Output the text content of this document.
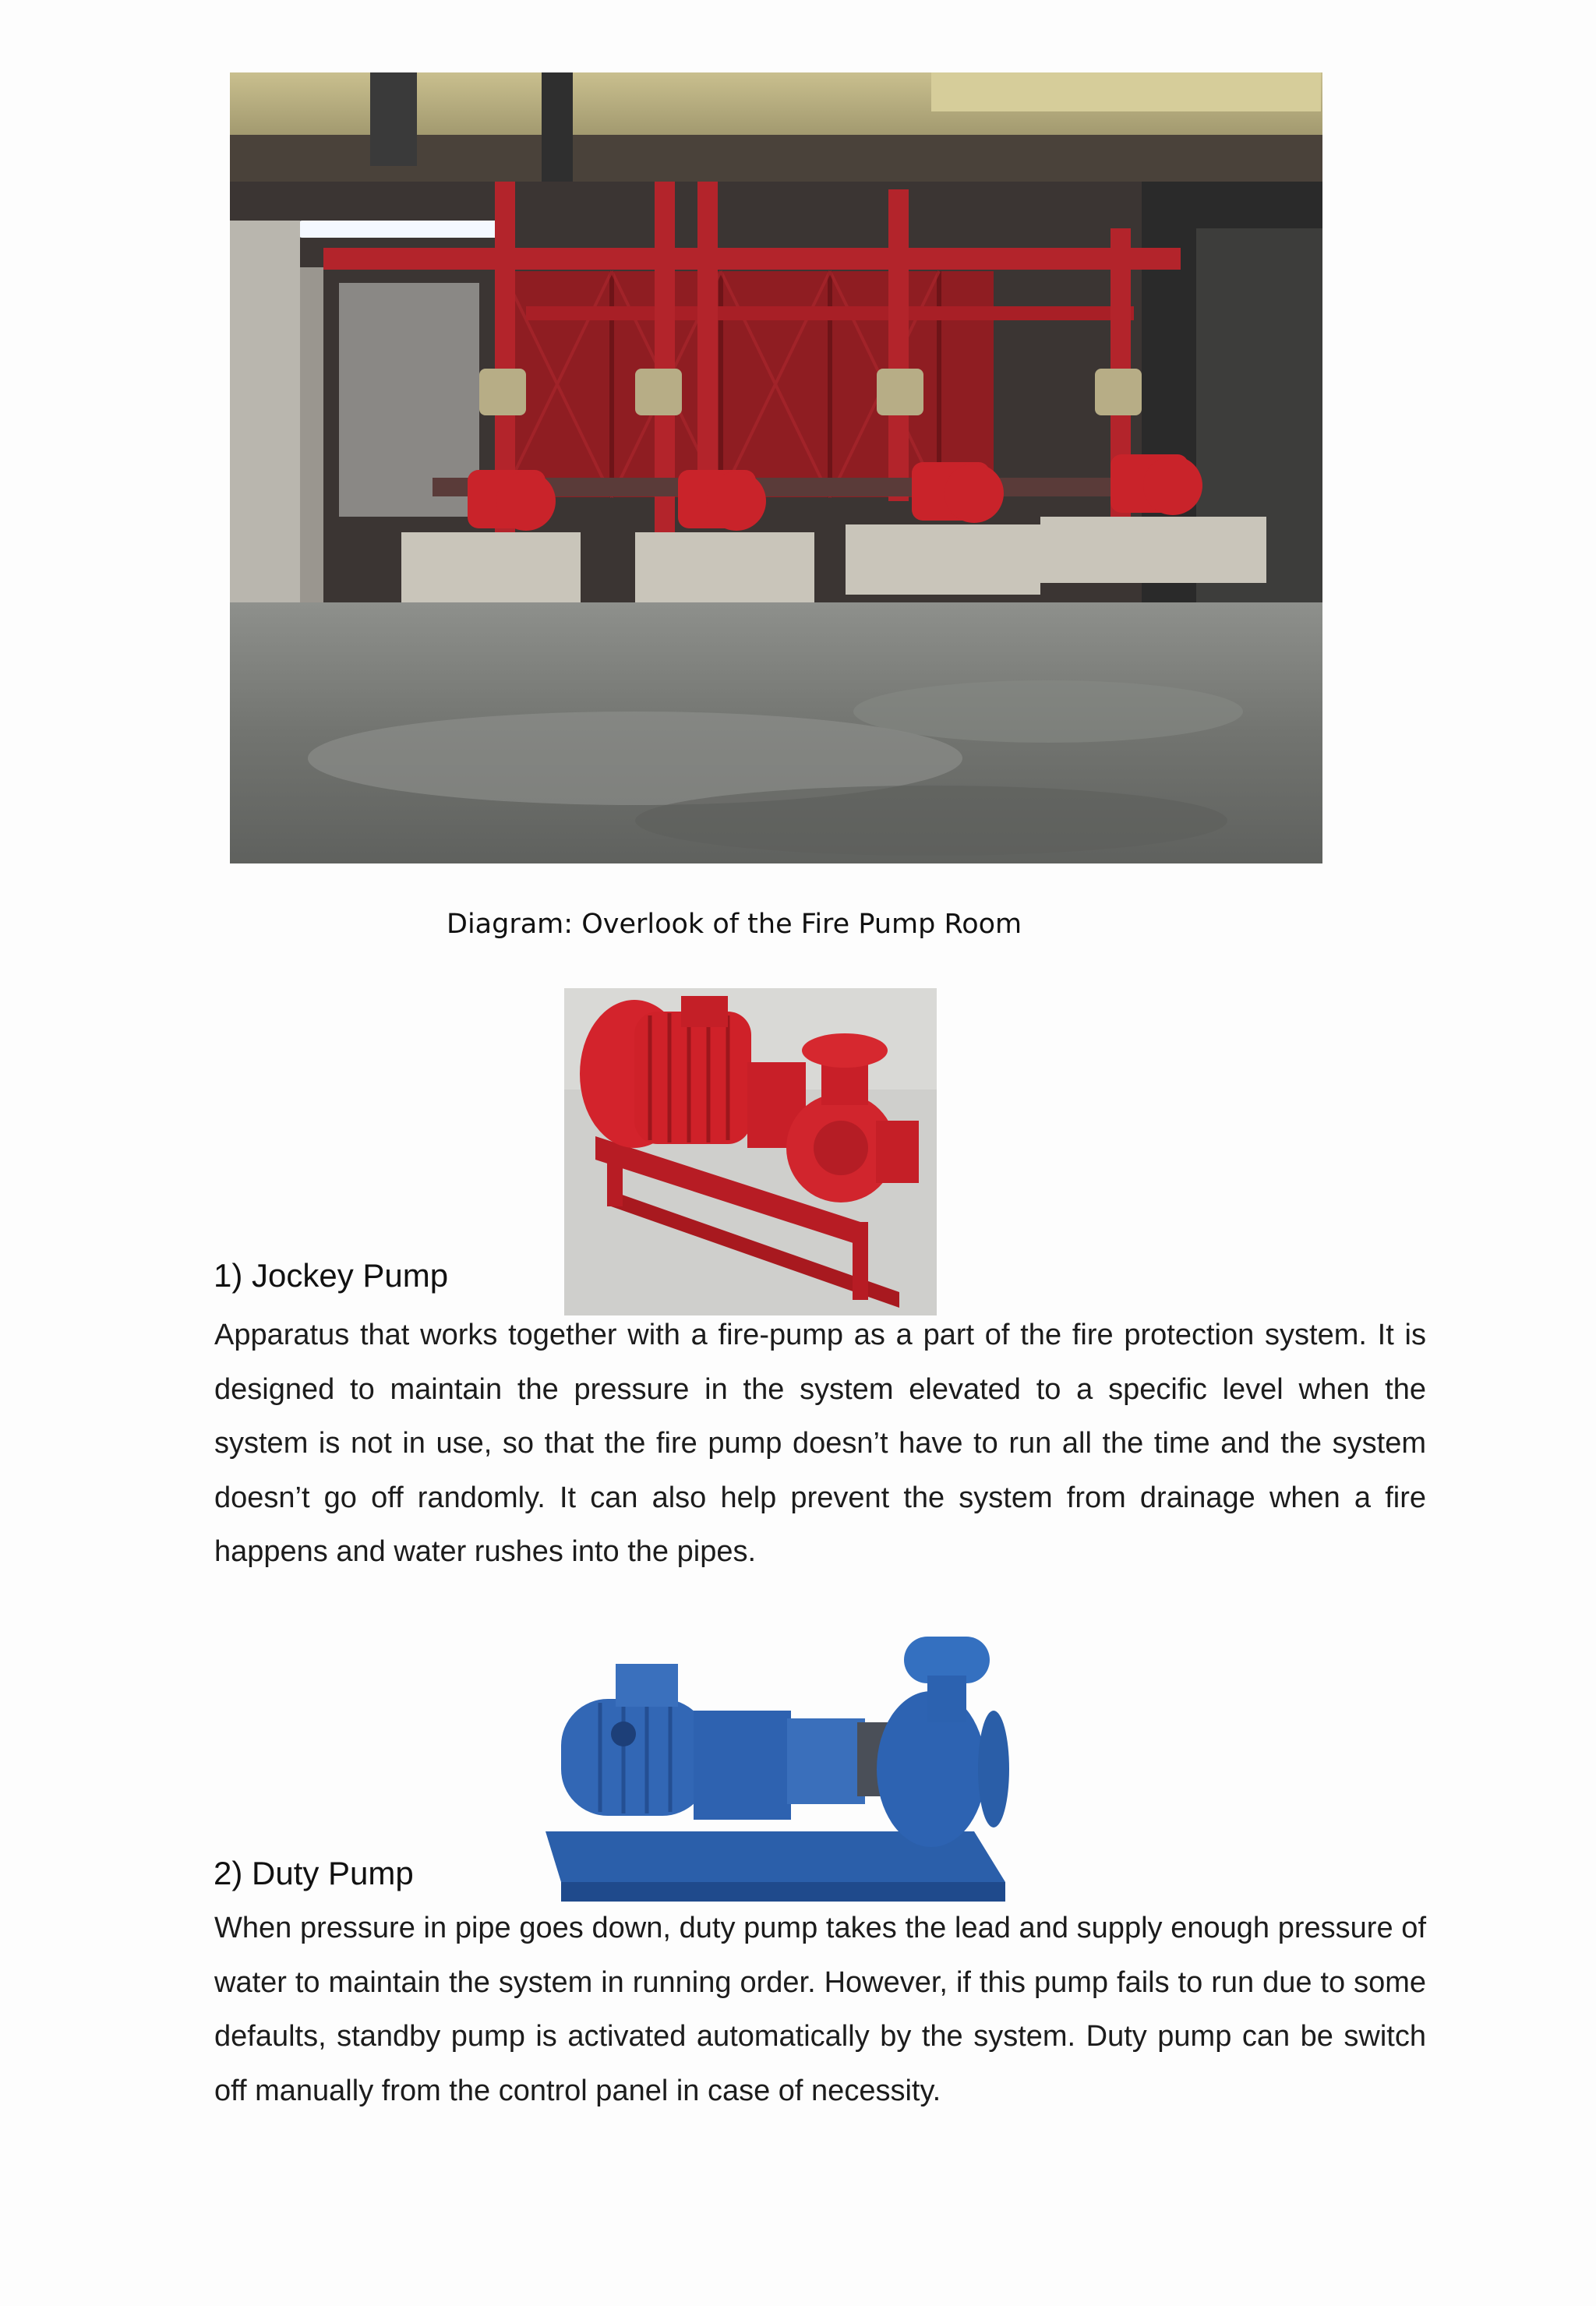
Diagram: Overlook of the Fire Pump Room
1) Jockey Pump
Apparatus that works together with a fire-pump as a part of the fire protection system. It is designed to maintain the pressure in the system elevated to a specific level when the system is not in use, so that the fire pump doesn’t have to run all the time and the system doesn’t go off randomly. It can also help prevent the system from drainage when a fire happens and water rushes into the pipes.
2) Duty Pump
When pressure in pipe goes down, duty pump takes the lead and supply enough pressure of water to maintain the system in running order. However, if this pump fails to run due to some defaults, standby pump is activated automatically by the system. Duty pump can be switch off manually from the control panel in case of necessity.
